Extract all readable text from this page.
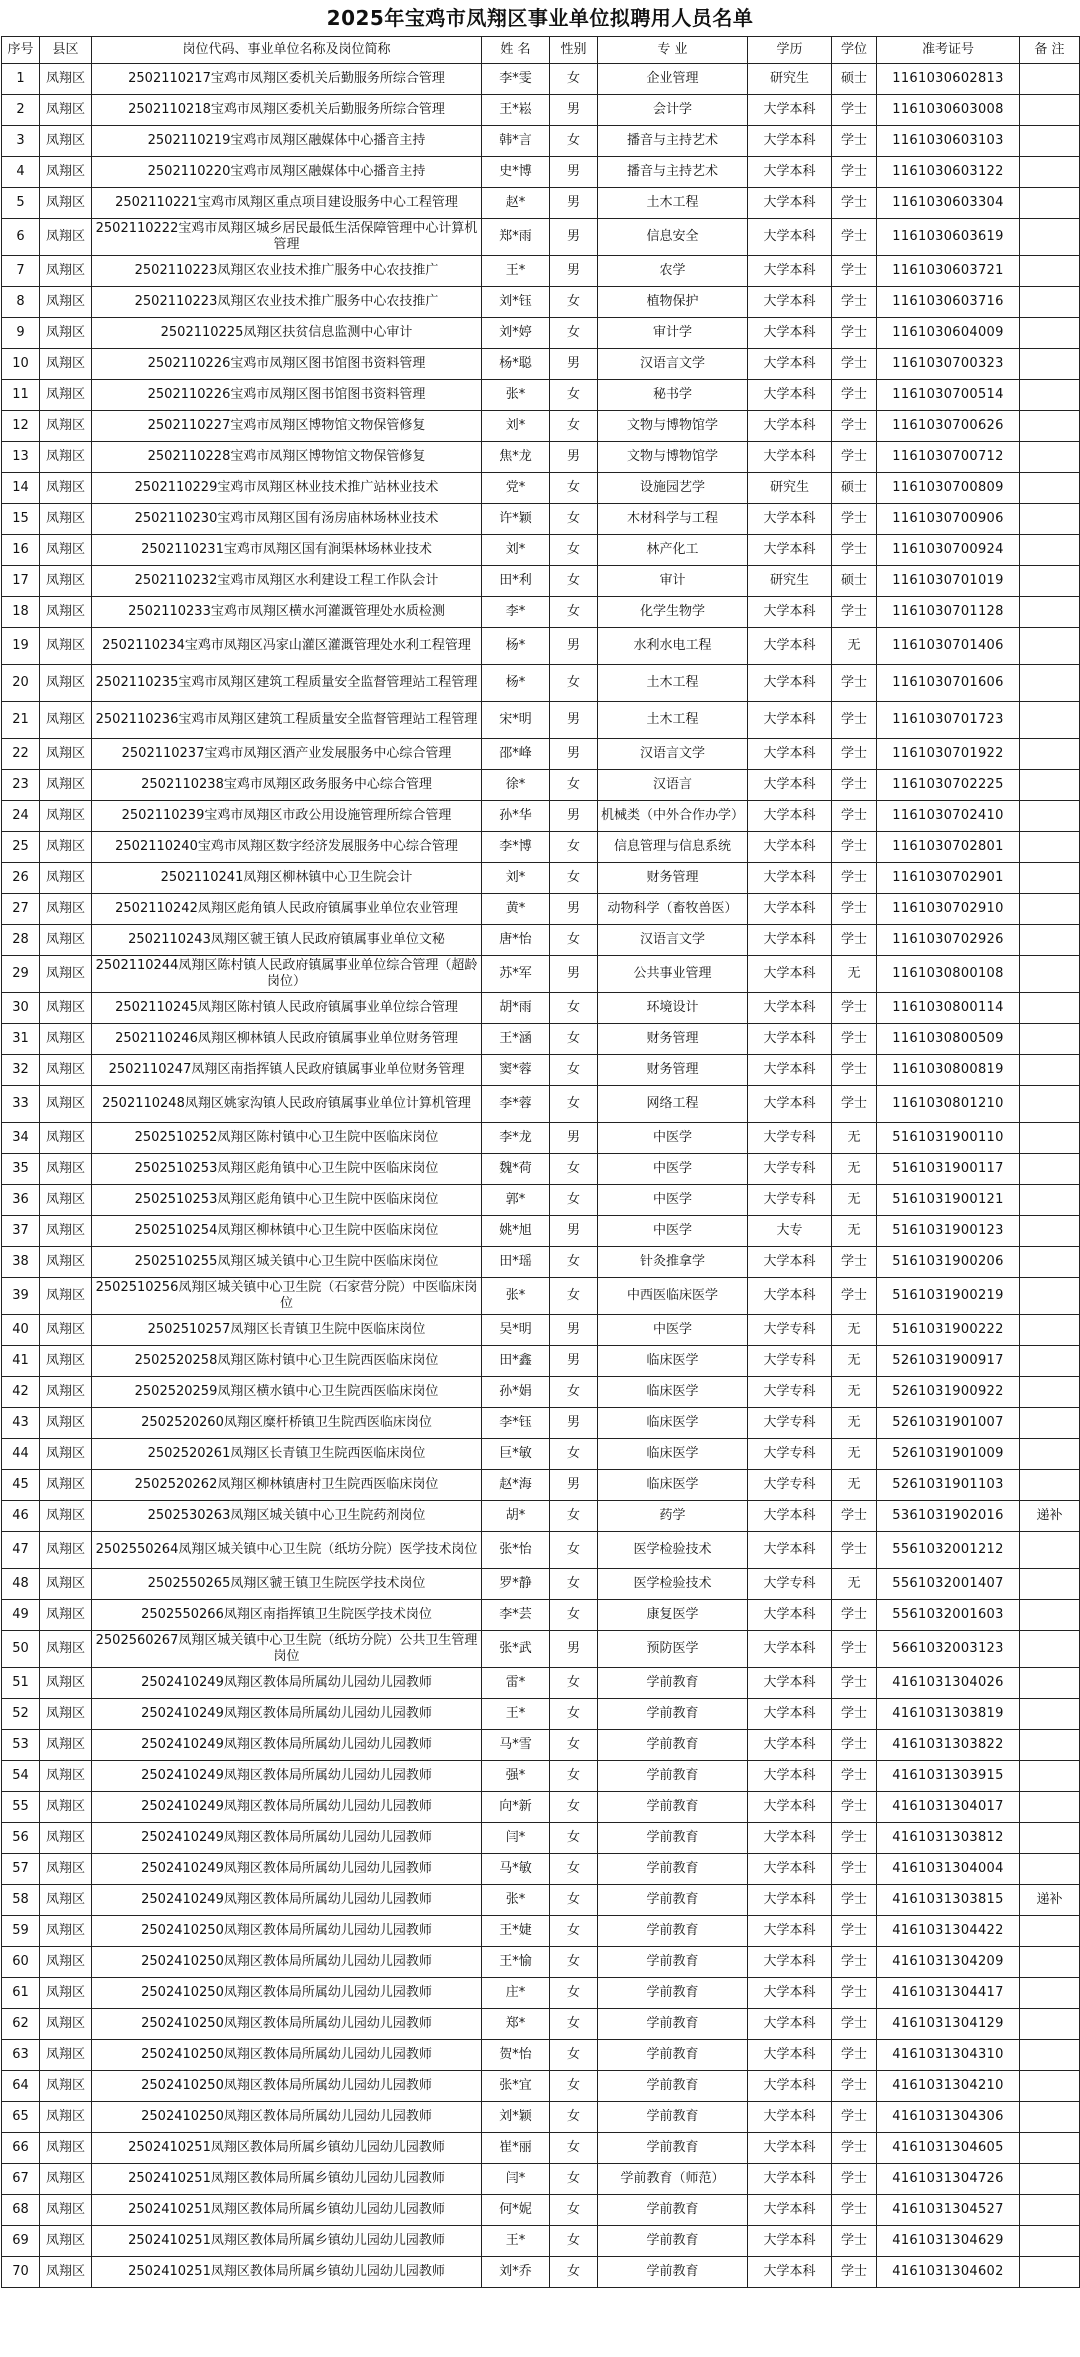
2025年宝鸡市凤翔区事业单位拟聘用人员名单
序号	县区	岗位代码、事业单位名称及岗位简称	姓 名	性别	专 业	学历	学位	准考证号	备 注
1	凤翔区	2502110217宝鸡市凤翔区委机关后勤服务所综合管理	李*雯	女	企业管理	研究生	硕士	1161030602813	
2	凤翔区	2502110218宝鸡市凤翔区委机关后勤服务所综合管理	王*崧	男	会计学	大学本科	学士	1161030603008	
3	凤翔区	2502110219宝鸡市凤翔区融媒体中心播音主持	韩*言	女	播音与主持艺术	大学本科	学士	1161030603103	
4	凤翔区	2502110220宝鸡市凤翔区融媒体中心播音主持	史*博	男	播音与主持艺术	大学本科	学士	1161030603122	
5	凤翔区	2502110221宝鸡市凤翔区重点项目建设服务中心工程管理	赵*	男	土木工程	大学本科	学士	1161030603304	
6	凤翔区	2502110222宝鸡市凤翔区城乡居民最低生活保障管理中心计算机管理	郑*雨	男	信息安全	大学本科	学士	1161030603619	
7	凤翔区	2502110223凤翔区农业技术推广服务中心农技推广	王*	男	农学	大学本科	学士	1161030603721	
8	凤翔区	2502110223凤翔区农业技术推广服务中心农技推广	刘*钰	女	植物保护	大学本科	学士	1161030603716	
9	凤翔区	2502110225凤翔区扶贫信息监测中心审计	刘*婷	女	审计学	大学本科	学士	1161030604009	
10	凤翔区	2502110226宝鸡市凤翔区图书馆图书资料管理	杨*聪	男	汉语言文学	大学本科	学士	1161030700323	
11	凤翔区	2502110226宝鸡市凤翔区图书馆图书资料管理	张*	女	秘书学	大学本科	学士	1161030700514	
12	凤翔区	2502110227宝鸡市凤翔区博物馆文物保管修复	刘*	女	文物与博物馆学	大学本科	学士	1161030700626	
13	凤翔区	2502110228宝鸡市凤翔区博物馆文物保管修复	焦*龙	男	文物与博物馆学	大学本科	学士	1161030700712	
14	凤翔区	2502110229宝鸡市凤翔区林业技术推广站林业技术	党*	女	设施园艺学	研究生	硕士	1161030700809	
15	凤翔区	2502110230宝鸡市凤翔区国有汤房庙林场林业技术	许*颖	女	木材科学与工程	大学本科	学士	1161030700906	
16	凤翔区	2502110231宝鸡市凤翔区国有涧渠林场林业技术	刘*	女	林产化工	大学本科	学士	1161030700924	
17	凤翔区	2502110232宝鸡市凤翔区水利建设工程工作队会计	田*利	女	审计	研究生	硕士	1161030701019	
18	凤翔区	2502110233宝鸡市凤翔区横水河灌溉管理处水质检测	李*	女	化学生物学	大学本科	学士	1161030701128	
19	凤翔区	2502110234宝鸡市凤翔区冯家山灌区灌溉管理处水利工程管理	杨*	男	水利水电工程	大学本科	无	1161030701406	
20	凤翔区	2502110235宝鸡市凤翔区建筑工程质量安全监督管理站工程管理	杨*	女	土木工程	大学本科	学士	1161030701606	
21	凤翔区	2502110236宝鸡市凤翔区建筑工程质量安全监督管理站工程管理	宋*明	男	土木工程	大学本科	学士	1161030701723	
22	凤翔区	2502110237宝鸡市凤翔区酒产业发展服务中心综合管理	邵*峰	男	汉语言文学	大学本科	学士	1161030701922	
23	凤翔区	2502110238宝鸡市凤翔区政务服务中心综合管理	徐*	女	汉语言	大学本科	学士	1161030702225	
24	凤翔区	2502110239宝鸡市凤翔区市政公用设施管理所综合管理	孙*华	男	机械类（中外合作办学）	大学本科	学士	1161030702410	
25	凤翔区	2502110240宝鸡市凤翔区数字经济发展服务中心综合管理	李*博	女	信息管理与信息系统	大学本科	学士	1161030702801	
26	凤翔区	2502110241凤翔区柳林镇中心卫生院会计	刘*	女	财务管理	大学本科	学士	1161030702901	
27	凤翔区	2502110242凤翔区彪角镇人民政府镇属事业单位农业管理	黄*	男	动物科学（畜牧兽医）	大学本科	学士	1161030702910	
28	凤翔区	2502110243凤翔区虢王镇人民政府镇属事业单位文秘	唐*怡	女	汉语言文学	大学本科	学士	1161030702926	
29	凤翔区	2502110244凤翔区陈村镇人民政府镇属事业单位综合管理（超龄岗位）	苏*军	男	公共事业管理	大学本科	无	1161030800108	
30	凤翔区	2502110245凤翔区陈村镇人民政府镇属事业单位综合管理	胡*雨	女	环境设计	大学本科	学士	1161030800114	
31	凤翔区	2502110246凤翔区柳林镇人民政府镇属事业单位财务管理	王*涵	女	财务管理	大学本科	学士	1161030800509	
32	凤翔区	2502110247凤翔区南指挥镇人民政府镇属事业单位财务管理	窦*蓉	女	财务管理	大学本科	学士	1161030800819	
33	凤翔区	2502110248凤翔区姚家沟镇人民政府镇属事业单位计算机管理	李*蓉	女	网络工程	大学本科	学士	1161030801210	
34	凤翔区	2502510252凤翔区陈村镇中心卫生院中医临床岗位	李*龙	男	中医学	大学专科	无	5161031900110	
35	凤翔区	2502510253凤翔区彪角镇中心卫生院中医临床岗位	魏*荷	女	中医学	大学专科	无	5161031900117	
36	凤翔区	2502510253凤翔区彪角镇中心卫生院中医临床岗位	郭*	女	中医学	大学专科	无	5161031900121	
37	凤翔区	2502510254凤翔区柳林镇中心卫生院中医临床岗位	姚*旭	男	中医学	大专	无	5161031900123	
38	凤翔区	2502510255凤翔区城关镇中心卫生院中医临床岗位	田*瑶	女	针灸推拿学	大学本科	学士	5161031900206	
39	凤翔区	2502510256凤翔区城关镇中心卫生院（石家营分院）中医临床岗位	张*	女	中西医临床医学	大学本科	学士	5161031900219	
40	凤翔区	2502510257凤翔区长青镇卫生院中医临床岗位	吴*明	男	中医学	大学专科	无	5161031900222	
41	凤翔区	2502520258凤翔区陈村镇中心卫生院西医临床岗位	田*鑫	男	临床医学	大学专科	无	5261031900917	
42	凤翔区	2502520259凤翔区横水镇中心卫生院西医临床岗位	孙*娟	女	临床医学	大学专科	无	5261031900922	
43	凤翔区	2502520260凤翔区糜杆桥镇卫生院西医临床岗位	李*钰	男	临床医学	大学专科	无	5261031901007	
44	凤翔区	2502520261凤翔区长青镇卫生院西医临床岗位	巨*敏	女	临床医学	大学专科	无	5261031901009	
45	凤翔区	2502520262凤翔区柳林镇唐村卫生院西医临床岗位	赵*海	男	临床医学	大学专科	无	5261031901103	
46	凤翔区	2502530263凤翔区城关镇中心卫生院药剂岗位	胡*	女	药学	大学本科	学士	5361031902016	递补
47	凤翔区	2502550264凤翔区城关镇中心卫生院（纸坊分院）医学技术岗位	张*怡	女	医学检验技术	大学本科	学士	5561032001212	
48	凤翔区	2502550265凤翔区虢王镇卫生院医学技术岗位	罗*静	女	医学检验技术	大学专科	无	5561032001407	
49	凤翔区	2502550266凤翔区南指挥镇卫生院医学技术岗位	李*芸	女	康复医学	大学本科	学士	5561032001603	
50	凤翔区	2502560267凤翔区城关镇中心卫生院（纸坊分院）公共卫生管理岗位	张*武	男	预防医学	大学本科	学士	5661032003123	
51	凤翔区	2502410249凤翔区教体局所属幼儿园幼儿园教师	雷*	女	学前教育	大学本科	学士	4161031304026	
52	凤翔区	2502410249凤翔区教体局所属幼儿园幼儿园教师	王*	女	学前教育	大学本科	学士	4161031303819	
53	凤翔区	2502410249凤翔区教体局所属幼儿园幼儿园教师	马*雪	女	学前教育	大学本科	学士	4161031303822	
54	凤翔区	2502410249凤翔区教体局所属幼儿园幼儿园教师	强*	女	学前教育	大学本科	学士	4161031303915	
55	凤翔区	2502410249凤翔区教体局所属幼儿园幼儿园教师	向*新	女	学前教育	大学本科	学士	4161031304017	
56	凤翔区	2502410249凤翔区教体局所属幼儿园幼儿园教师	闫*	女	学前教育	大学本科	学士	4161031303812	
57	凤翔区	2502410249凤翔区教体局所属幼儿园幼儿园教师	马*敏	女	学前教育	大学本科	学士	4161031304004	
58	凤翔区	2502410249凤翔区教体局所属幼儿园幼儿园教师	张*	女	学前教育	大学本科	学士	4161031303815	递补
59	凤翔区	2502410250凤翔区教体局所属幼儿园幼儿园教师	王*婕	女	学前教育	大学本科	学士	4161031304422	
60	凤翔区	2502410250凤翔区教体局所属幼儿园幼儿园教师	王*愉	女	学前教育	大学本科	学士	4161031304209	
61	凤翔区	2502410250凤翔区教体局所属幼儿园幼儿园教师	庄*	女	学前教育	大学本科	学士	4161031304417	
62	凤翔区	2502410250凤翔区教体局所属幼儿园幼儿园教师	郑*	女	学前教育	大学本科	学士	4161031304129	
63	凤翔区	2502410250凤翔区教体局所属幼儿园幼儿园教师	贺*怡	女	学前教育	大学本科	学士	4161031304310	
64	凤翔区	2502410250凤翔区教体局所属幼儿园幼儿园教师	张*宜	女	学前教育	大学本科	学士	4161031304210	
65	凤翔区	2502410250凤翔区教体局所属幼儿园幼儿园教师	刘*颖	女	学前教育	大学本科	学士	4161031304306	
66	凤翔区	2502410251凤翔区教体局所属乡镇幼儿园幼儿园教师	崔*丽	女	学前教育	大学本科	学士	4161031304605	
67	凤翔区	2502410251凤翔区教体局所属乡镇幼儿园幼儿园教师	闫*	女	学前教育（师范）	大学本科	学士	4161031304726	
68	凤翔区	2502410251凤翔区教体局所属乡镇幼儿园幼儿园教师	何*妮	女	学前教育	大学本科	学士	4161031304527	
69	凤翔区	2502410251凤翔区教体局所属乡镇幼儿园幼儿园教师	王*	女	学前教育	大学本科	学士	4161031304629	
70	凤翔区	2502410251凤翔区教体局所属乡镇幼儿园幼儿园教师	刘*乔	女	学前教育	大学本科	学士	4161031304602	
